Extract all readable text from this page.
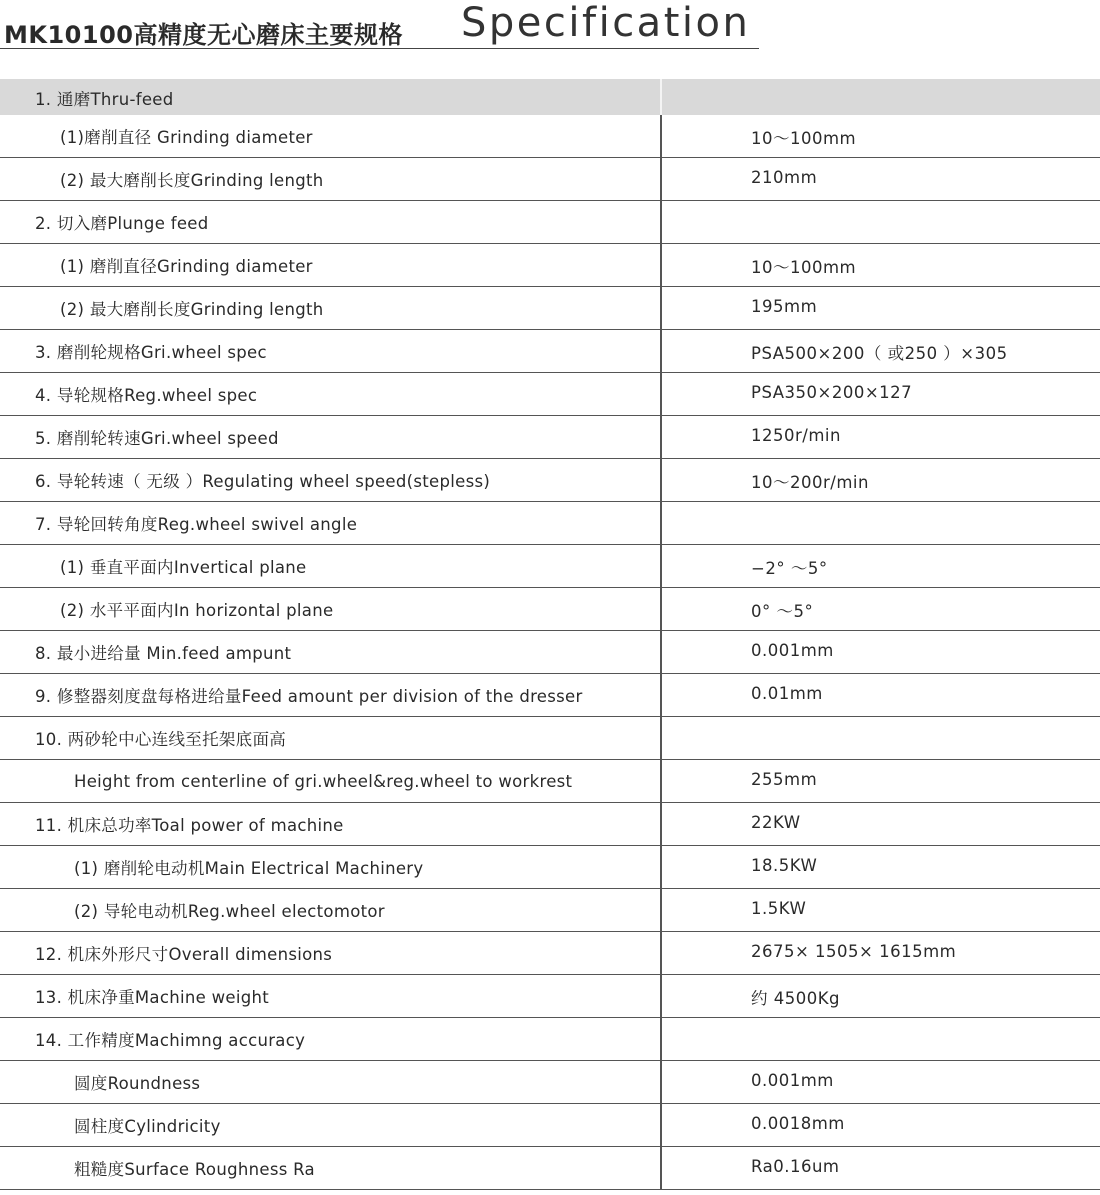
MK10100高精度无心磨床主要规格 Specification
1. 通磨Thru-feed
(1)磨削直径 Grinding diameter	10～100mm
(2) 最大磨削长度Grinding length	210mm
2. 切入磨Plunge feed
(1) 磨削直径Grinding diameter	10～100mm
(2) 最大磨削长度Grinding length	195mm
3. 磨削轮规格Gri.wheel spec	PSA500×200（ 或250 ）×305
4. 导轮规格Reg.wheel spec	PSA350×200×127
5. 磨削轮转速Gri.wheel speed	1250r/min
6. 导轮转速（ 无级 ）Regulating wheel speed(stepless)	10～200r/min
7. 导轮回转角度Reg.wheel swivel angle
(1) 垂直平面内Invertical plane	−2° ～5°
(2) 水平平面内In horizontal plane	0° ～5°
8. 最小进给量 Min.feed ampunt	0.001mm
9. 修整器刻度盘每格进给量Feed amount per division of the dresser	0.01mm
10. 两砂轮中心连线至托架底面高
Height from centerline of gri.wheel&reg.wheel to workrest	255mm
11. 机床总功率Toal power of machine	22KW
(1) 磨削轮电动机Main Electrical Machinery	18.5KW
(2) 导轮电动机Reg.wheel electomotor	1.5KW
12. 机床外形尺寸Overall dimensions	2675× 1505× 1615mm
13. 机床净重Machine weight	约 4500Kg
14. 工作精度Machimng accuracy
圆度Roundness	0.001mm
圆柱度Cylindricity	0.0018mm
粗糙度Surface Roughness Ra	Ra0.16um
